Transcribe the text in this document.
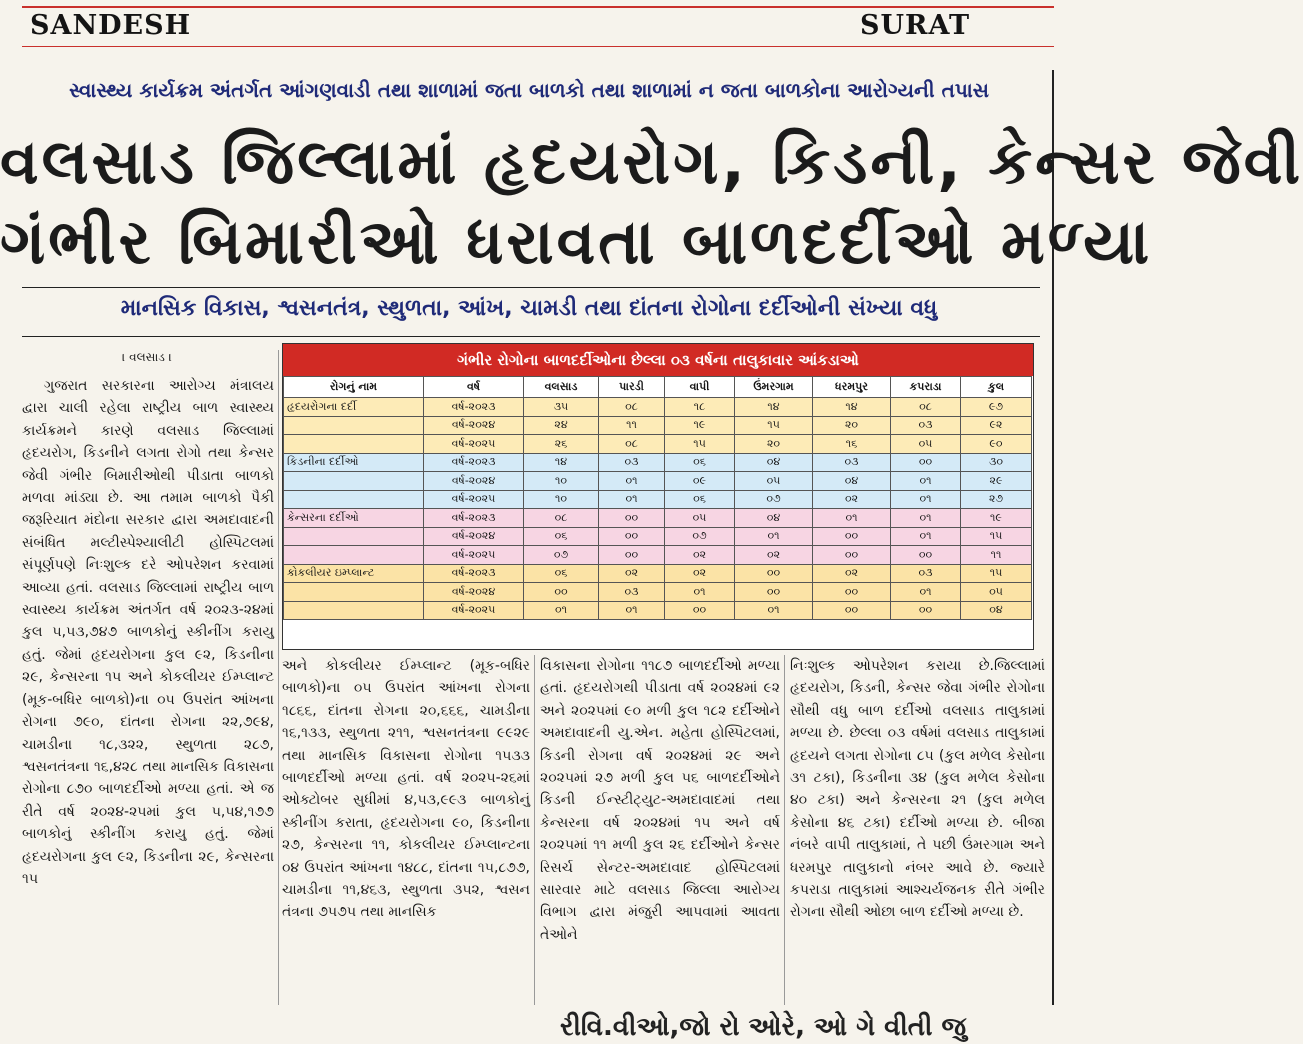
SANDESH	SURAT
સ્વાસ્થ્ય કાર્યક્રમ અંતર્ગત આંગણવાડી તથા શાળામાં જતા બાળકો તથા શાળામાં ન જતા બાળકોના આરોગ્યની તપાસ
વલસાડ જિલ્લામાં હૃદયરોગ, કિડની, કેન્સર જેવી
ગંભીર બિમારીઓ ધરાવતા બાળદર્દીઓ મળ્યા
માનસિક વિકાસ, શ્વસનતંત્ર, સ્થુળતા, આંખ, ચામડી તથા દાંતના રોગોના દર્દીઓની સંખ્યા વધુ
। વલસાડ ।

ગુજરાત સરકારના આરોગ્ય મંત્રાલય દ્વારા ચાલી રહેલા રાષ્ટ્રીય બાળ સ્વાસ્થ્ય કાર્યક્રમને કારણે વલસાડ જિલ્લામાં હૃદયરોગ, કિડનીને લગતા રોગો તથા કેન્સર જેવી ગંભીર બિમારીઓથી પીડાતા બાળકો મળવા માંડ્યા છે. આ તમામ બાળકો પૈકી જરૂરિયાત મંદોના સરકાર દ્વારા અમદાવાદની સંબંધિત મલ્ટીસ્પેશ્યાલીટી હોસ્પિટલમાં સંપૂર્ણપણે નિઃશુલ્ક દરે ઓપરેશન કરવામાં આવ્યા હતાં. વલસાડ જિલ્લામાં રાષ્ટ્રીય બાળ સ્વાસ્થ્ય કાર્યક્રમ અંતર્ગત વર્ષ ૨૦૨૩-૨૪માં કુલ ૫,૫૩,૭૪૭ બાળકોનું સ્કીનીંગ કરાયુ હતું. જેમાં હૃદયરોગના કુલ ૯૨, કિડનીના ૨૯, કેન્સરના ૧૫ અને કોકલીયર ઈમ્પ્લાન્ટ (મૂક-બધિર બાળકો)ના ૦૫ ઉપરાંત આંખના રોગના ૭૯૦, દાંતના રોગના ૨૨,૭૯૪, ચામડીના ૧૮,૩૨૨, સ્થુળતા ૨૮૭, શ્વસનતંત્રના ૧૬,૪૨૮ તથા માનસિક વિકાસના રોગોના ૮૭૦ બાળદર્દીઓ મળ્યા હતાં. એ જ રીતે વર્ષ ૨૦૨૪-૨૫માં કુલ ૫,૫૪,૧૭૭ બાળકોનું સ્કીનીંગ કરાયુ હતું. જેમાં હૃદયરોગના કુલ ૯૨, કિડનીના ૨૯, કેન્સરના ૧૫

ગંભીર રોગોના બાળદર્દીઓના છેલ્લા ૦૩ વર્ષના તાલુકાવાર આંકડાઓ
રોગનું નામ	વર્ષ	વલસાડ	પારડી	વાપી	ઉંમરગામ	ધરમપુર	કપરાડા	કુલ
હૃદયરોગના દર્દી	વર્ષ-૨૦૨૩	૩૫	૦૮	૧૮	૧૪	૧૪	૦૮	૯૭
	વર્ષ-૨૦૨૪	૨૪	૧૧	૧૯	૧૫	૨૦	૦૩	૯૨
	વર્ષ-૨૦૨૫	૨૬	૦૮	૧૫	૨૦	૧૬	૦૫	૯૦
કિડનીના દર્દીઓ	વર્ષ-૨૦૨૩	૧૪	૦૩	૦૬	૦૪	૦૩	૦૦	૩૦
	વર્ષ-૨૦૨૪	૧૦	૦૧	૦૯	૦૫	૦૪	૦૧	૨૯
	વર્ષ-૨૦૨૫	૧૦	૦૧	૦૬	૦૭	૦૨	૦૧	૨૭
કેન્સરના દર્દીઓ	વર્ષ-૨૦૨૩	૦૮	૦૦	૦૫	૦૪	૦૧	૦૧	૧૯
	વર્ષ-૨૦૨૪	૦૬	૦૦	૦૭	૦૧	૦૦	૦૧	૧૫
	વર્ષ-૨૦૨૫	૦૭	૦૦	૦૨	૦૨	૦૦	૦૦	૧૧
કોકલીયર ઇમ્પ્લાન્ટ	વર્ષ-૨૦૨૩	૦૬	૦૨	૦૨	૦૦	૦૨	૦૩	૧૫
	વર્ષ-૨૦૨૪	૦૦	૦૩	૦૧	૦૦	૦૦	૦૧	૦૫
	વર્ષ-૨૦૨૫	૦૧	૦૧	૦૦	૦૧	૦૦	૦૦	૦૪

અને કોકલીયર ઈમ્પ્લાન્ટ (મૂક-બધિર બાળકો)ના ૦૫ ઉપરાંત આંખના રોગના ૧૮૬૬, દાંતના રોગના ૨૦,૬૬૬, ચામડીના ૧૬,૧૩૩, સ્થુળતા ૨૧૧, શ્વસનતંત્રના ૯૯૨૯ તથા માનસિક વિકાસના રોગોના ૧૫૩૩ બાળદર્દીઓ મળ્યા હતાં. વર્ષ ૨૦૨૫-૨૬માં ઓક્ટોબર સુધીમાં ૪,૫૩,૯૯૩ બાળકોનું સ્કીનીંગ કરાતા, હૃદયરોગના ૯૦, કિડનીના ૨૭, કેન્સરના ૧૧, કોકલીયર ઈમ્પ્લાન્ટના ૦૪ ઉપરાંત આંખના ૧૪૮૮, દાંતના ૧૫,૮૭૭, ચામડીના ૧૧,૪૬૩, સ્થુળતા ૩૫૨, શ્વસન તંત્રના ૭૫૭૫ તથા માનસિક

વિકાસના રોગોના ૧૧૮૭ બાળદર્દીઓ મળ્યા હતાં. હૃદયરોગથી પીડાતા વર્ષ ૨૦૨૪માં ૯૨ અને ૨૦૨૫માં ૯૦ મળી કુલ ૧૮૨ દર્દીઓને અમદાવાદની યુ.એન. મહેતા હોસ્પિટલમાં, કિડની રોગના વર્ષ ૨૦૨૪માં ૨૯ અને ૨૦૨૫માં ૨૭ મળી કુલ ૫૬ બાળદર્દીઓને કિડની ઈન્સ્ટીટ્યુટ-અમદાવાદમાં તથા કેન્સરના વર્ષ ૨૦૨૪માં ૧૫ અને વર્ષ ૨૦૨૫માં ૧૧ મળી કુલ ૨૬ દર્દીઓને કેન્સર રિસર્ચ સેન્ટર-અમદાવાદ હોસ્પિટલમાં સારવાર માટે વલસાડ જિલ્લા આરોગ્ય વિભાગ દ્વારા મંજુરી આપવામાં આવતા તેઓને

નિઃશુલ્ક ઓપરેશન કરાયા છે.જિલ્લામાં હૃદયરોગ, કિડની, કેન્સર જેવા ગંભીર રોગોના સૌથી વધુ બાળ દર્દીઓ વલસાડ તાલુકામાં મળ્યા છે. છેલ્લા ૦૩ વર્ષમાં વલસાડ તાલુકામાં હૃદયને લગતા રોગોના ૮૫ (કુલ મળેલ કેસોના ૩૧ ટકા), કિડનીના ૩૪ (કુલ મળેલ કેસોના ૪૦ ટકા) અને કેન્સરના ૨૧ (કુલ મળેલ કેસોના ૪૬ ટકા) દર્દીઓ મળ્યા છે. બીજા નંબરે વાપી તાલુકામાં, તે પછી ઉંમરગામ અને ધરમપુર તાલુકાનો નંબર આવે છે. જ્યારે કપરાડા તાલુકામાં આશ્ચર્યજનક રીતે ગંભીર રોગના સૌથી ઓછા બાળ દર્દીઓ મળ્યા છે.

રીવિ.વીઓ,જો રો ઓરે, ઓ ગે વીતી જુ
